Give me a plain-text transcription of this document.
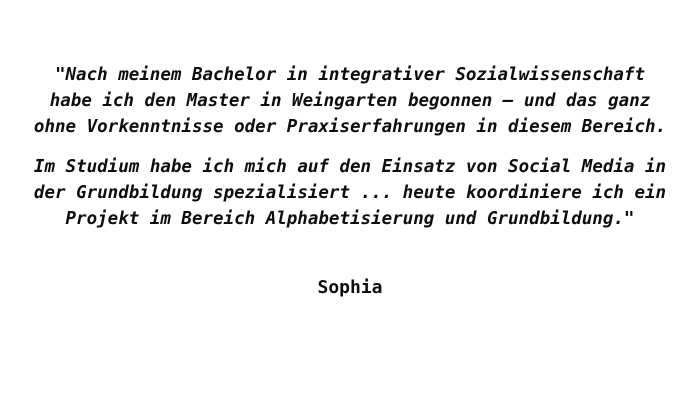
"Nach meinem Bachelor in integrativer Sozialwissenschaft habe ich den Master in Weingarten begonnen — und das ganz ohne Vorkenntnisse oder Praxiserfahrungen in diesem Bereich.

Im Studium habe ich mich auf den Einsatz von Social Media in der Grundbildung spezialisiert ... heute koordiniere ich ein Projekt im Bereich Alphabetisierung und Grundbildung."

Sophia
